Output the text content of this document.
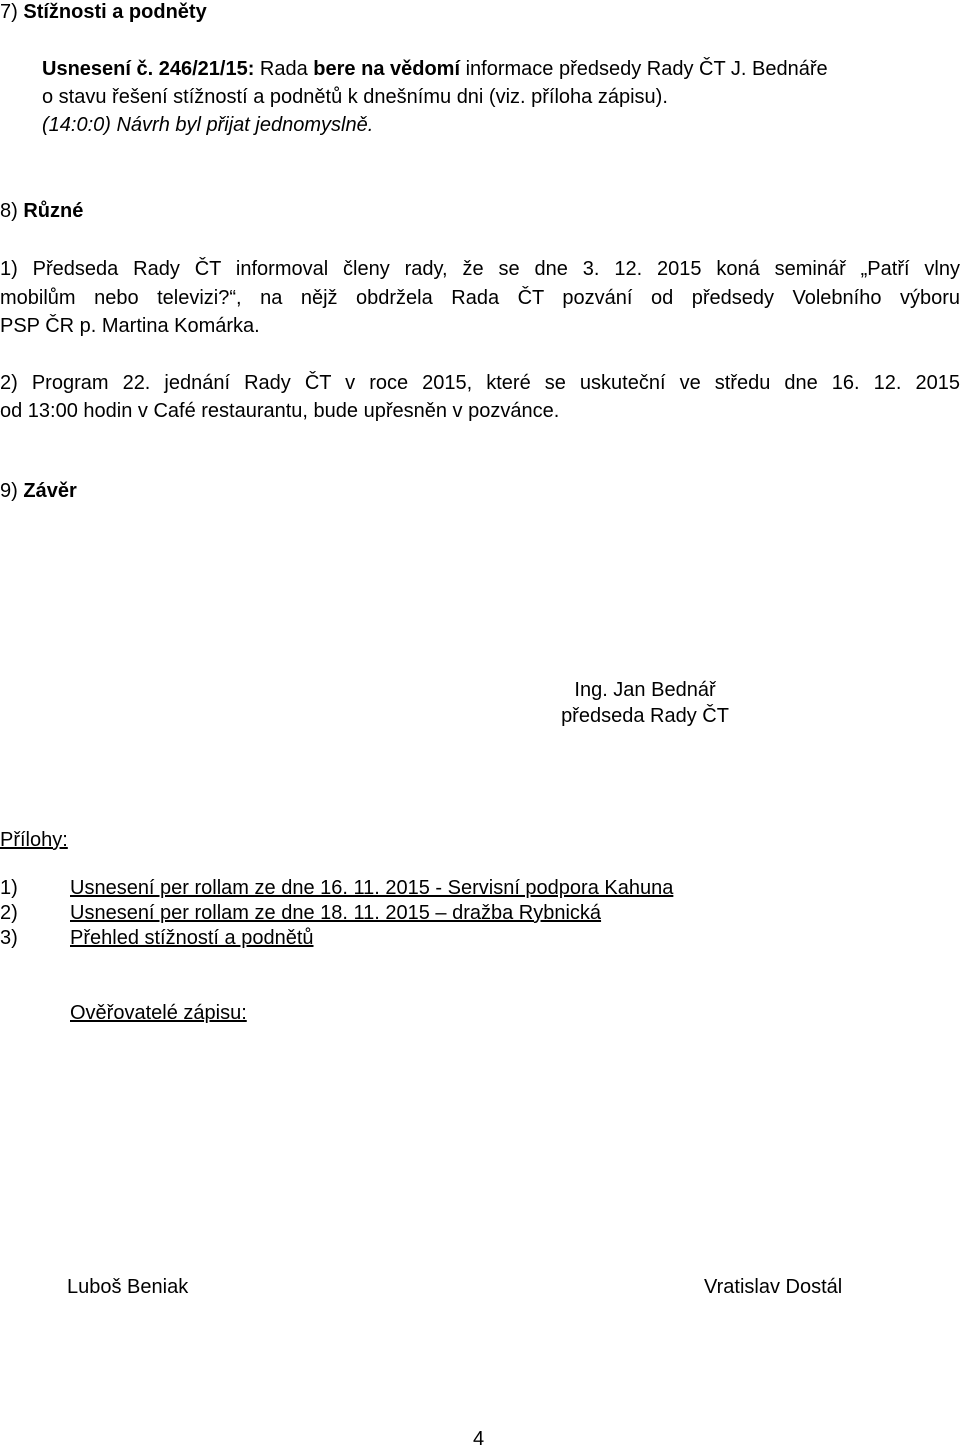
7) Stížnosti a podněty
Usnesení č. 246/21/15: Rada bere na vědomí informace předsedy Rady ČT J. Bednáře
o stavu řešení stížností a podnětů k dnešnímu dni (viz. příloha zápisu).
(14:0:0) Návrh byl přijat jednomyslně.
8) Různé
1) Předseda Rady ČT informoval členy rady, že se dne 3. 12. 2015 koná seminář „Patří vlny
mobilům nebo televizi?“, na nějž obdržela Rada ČT pozvání od předsedy Volebního výboru
PSP ČR p. Martina Komárka.
2) Program 22. jednání Rady ČT v roce 2015, které se uskuteční ve středu dne 16. 12. 2015
od 13:00 hodin v Café restaurantu, bude upřesněn v pozvánce.
9) Závěr
Ing. Jan Bednář
předseda Rady ČT
Přílohy:
1)	Usnesení per rollam ze dne 16. 11. 2015 - Servisní podpora Kahuna
2)	Usnesení per rollam ze dne 18. 11. 2015 – dražba Rybnická
3)	Přehled stížností a podnětů
Ověřovatelé zápisu:
Luboš Beniak	Vratislav Dostál
4
